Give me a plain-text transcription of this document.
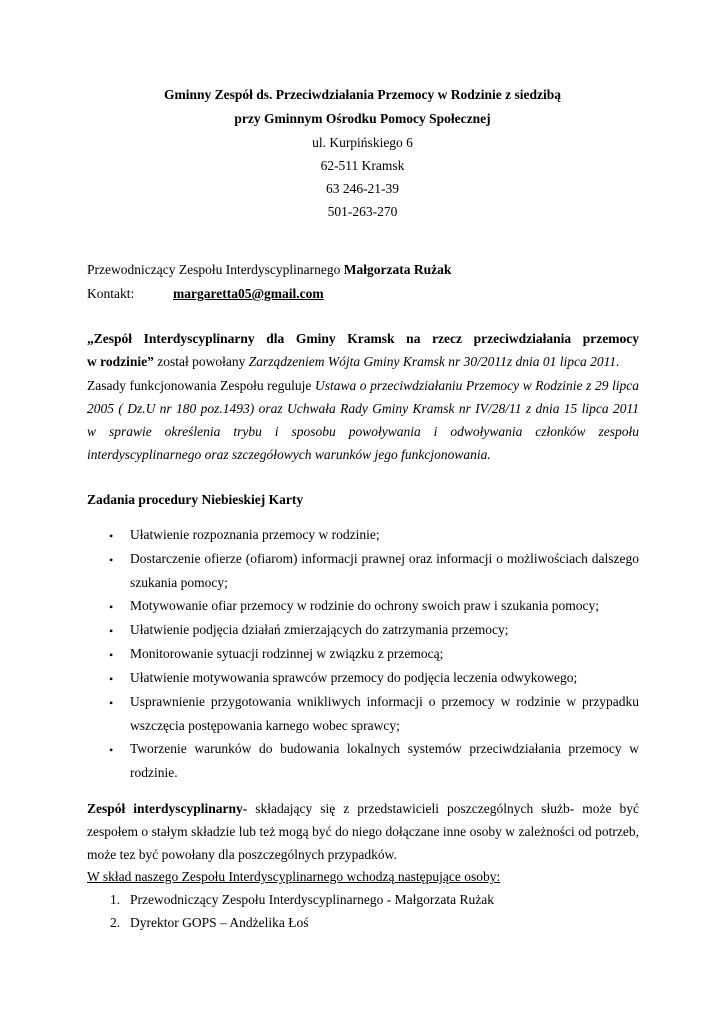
Gminny Zespół ds. Przeciwdziałania Przemocy w Rodzinie z siedzibą
przy Gminnym Ośrodku Pomocy Społecznej
ul. Kurpińskiego 6
62-511 Kramsk
63 246-21-39
501-263-270
Przewodniczący Zespołu Interdyscyplinarnego Małgorzata Rużak
Kontakt:	margaretta05@gmail.com
„Zespół Interdyscyplinarny dla Gminy Kramsk na rzecz przeciwdziałania przemocy
w rodzinie” został powołany Zarządzeniem Wójta Gminy Kramsk nr 30/2011z dnia 01 lipca 2011.
Zasady funkcjonowania Zespołu reguluje Ustawa o przeciwdziałaniu Przemocy w Rodzinie z 29 lipca
2005 ( Dz.U nr 180 poz.1493) oraz Uchwała Rady Gminy Kramsk nr IV/28/11 z dnia 15 lipca 2011
w sprawie określenia trybu i sposobu powoływania i odwoływania członków zespołu
interdyscyplinarnego oraz szczegółowych warunków jego funkcjonowania.
Zadania procedury Niebieskiej Karty
• Ułatwienie rozpoznania przemocy w rodzinie;
• Dostarczenie ofierze (ofiarom) informacji prawnej oraz informacji o możliwościach dalszego
szukania pomocy;
• Motywowanie ofiar przemocy w rodzinie do ochrony swoich praw i szukania pomocy;
• Ułatwienie podjęcia działań zmierzających do zatrzymania przemocy;
• Monitorowanie sytuacji rodzinnej w związku z przemocą;
• Ułatwienie motywowania sprawców przemocy do podjęcia leczenia odwykowego;
• Usprawnienie przygotowania wnikliwych informacji o przemocy w rodzinie w przypadku
wszczęcia postępowania karnego wobec sprawcy;
• Tworzenie warunków do budowania lokalnych systemów przeciwdziałania przemocy w
rodzinie.
Zespół interdyscyplinarny- składający się z przedstawicieli poszczególnych służb- może być
zespołem o stałym składzie lub też mogą być do niego dołączane inne osoby w zależności od potrzeb,
może tez być powołany dla poszczególnych przypadków.
W skład naszego Zespołu Interdyscyplinarnego wchodzą następujące osoby:
1. Przewodniczący Zespołu Interdyscyplinarnego - Małgorzata Rużak
2. Dyrektor GOPS – Andżelika Łoś
